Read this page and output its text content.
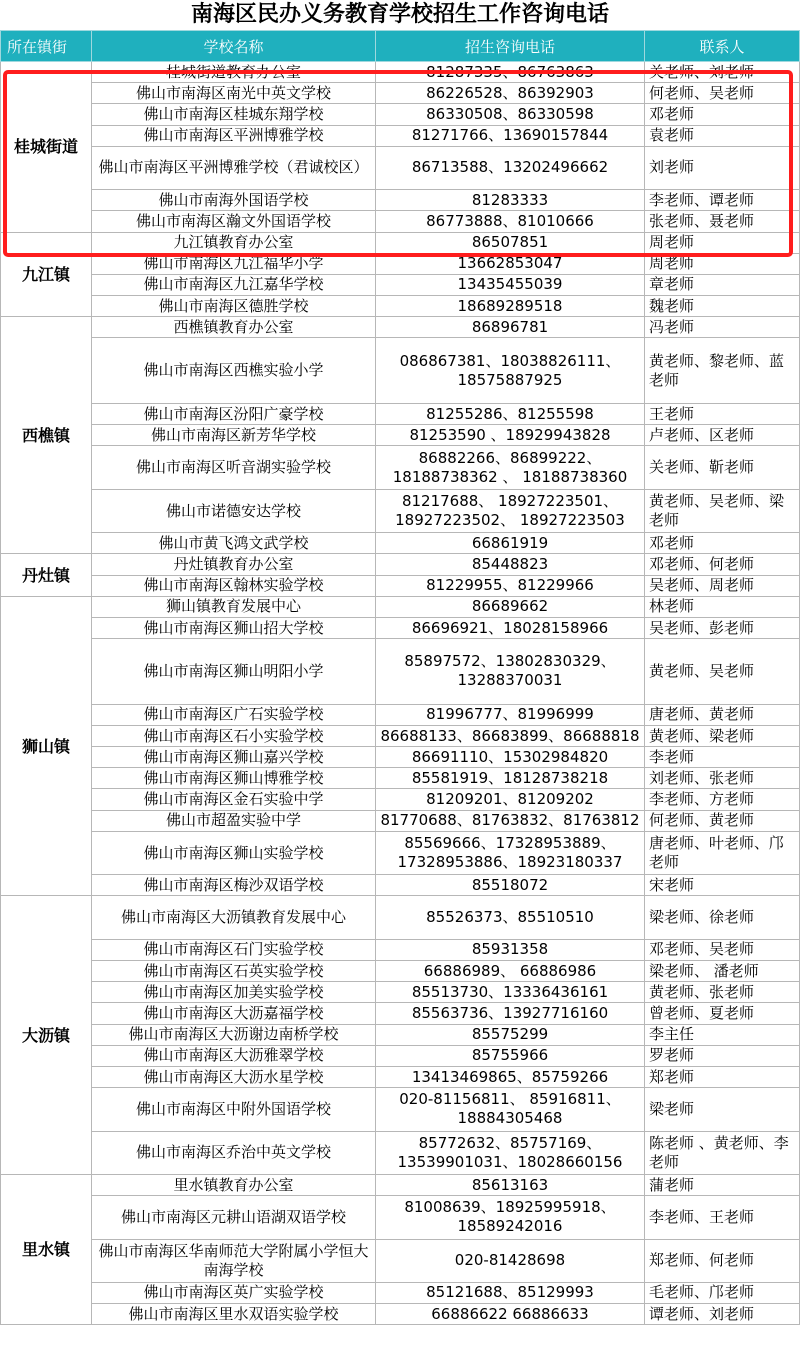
南海区民办义务教育学校招生工作咨询电话
所在镇街	学校名称	招生咨询电话	联系人
桂城街道	桂城街道教育办公室	81287335、86763863	关老师、刘老师
	佛山市南海区南光中英文学校	86226528、86392903	何老师、吴老师
	佛山市南海区桂城东翔学校	86330508、86330598	邓老师
	佛山市南海区平洲博雅学校	81271766、13690157844	袁老师
	佛山市南海区平洲博雅学校（君诚校区）	86713588、13202496662	刘老师
	佛山市南海外国语学校	81283333	李老师、谭老师
	佛山市南海区瀚文外国语学校	86773888、81010666	张老师、聂老师
九江镇	九江镇教育办公室	86507851	周老师
	佛山市南海区九江福华小学	13662853047	周老师
	佛山市南海区九江嘉华学校	13435455039	章老师
	佛山市南海区德胜学校	18689289518	魏老师
西樵镇	西樵镇教育办公室	86896781	冯老师
	佛山市南海区西樵实验小学	086867381、18038826111、18575887925	黄老师、黎老师、蓝老师
	佛山市南海区汾阳广豪学校	81255286、81255598	王老师
	佛山市南海区新芳华学校	81253590 、18929943828	卢老师、区老师
	佛山市南海区听音湖实验学校	86882266、86899222、18188738362 、 18188738360	关老师、靳老师
	佛山市诺德安达学校	81217688、 18927223501、18927223502、 18927223503	黄老师、吴老师、梁老师
	佛山市黄飞鸿文武学校	66861919	邓老师
丹灶镇	丹灶镇教育办公室	85448823	邓老师、何老师
	佛山市南海区翰林实验学校	81229955、81229966	吴老师、周老师
狮山镇	狮山镇教育发展中心	86689662	林老师
	佛山市南海区狮山招大学校	86696921、18028158966	吴老师、彭老师
	佛山市南海区狮山明阳小学	85897572、13802830329、13288370031	黄老师、吴老师
	佛山市南海区广石实验学校	81996777、81996999	唐老师、黄老师
	佛山市南海区石小实验学校	86688133、86683899、86688818	黄老师、梁老师
	佛山市南海区狮山嘉兴学校	86691110、15302984820	李老师
	佛山市南海区狮山博雅学校	85581919、18128738218	刘老师、张老师
	佛山市南海区金石实验中学	81209201、81209202	李老师、方老师
	佛山市超盈实验中学	81770688、81763832、81763812	何老师、黄老师
	佛山市南海区狮山实验学校	85569666、17328953889、17328953886、18923180337	唐老师、叶老师、邝老师
	佛山市南海区梅沙双语学校	85518072	宋老师
大沥镇	佛山市南海区大沥镇教育发展中心	85526373、85510510	梁老师、徐老师
	佛山市南海区石门实验学校	85931358	邓老师、吴老师
	佛山市南海区石英实验学校	66886989、 66886986	梁老师、 潘老师
	佛山市南海区加美实验学校	85513730、13336436161	黄老师、张老师
	佛山市南海区大沥嘉福学校	85563736、13927716160	曾老师、夏老师
	佛山市南海区大沥谢边南桥学校	85575299	李主任
	佛山市南海区大沥雅翠学校	85755966	罗老师
	佛山市南海区大沥水星学校	13413469865、85759266	郑老师
	佛山市南海区中附外国语学校	020-81156811、 85916811、18884305468	梁老师
	佛山市南海区乔治中英文学校	85772632、85757169、13539901031、18028660156	陈老师 、黄老师、李老师
里水镇	里水镇教育办公室	85613163	蒲老师
	佛山市南海区元耕山语湖双语学校	81008639、18925995918、18589242016	李老师、王老师
	佛山市南海区华南师范大学附属小学恒大南海学校	020-81428698	郑老师、何老师
	佛山市南海区英广实验学校	85121688、85129993	毛老师、邝老师
	佛山市南海区里水双语实验学校	66886622 66886633	谭老师、刘老师
